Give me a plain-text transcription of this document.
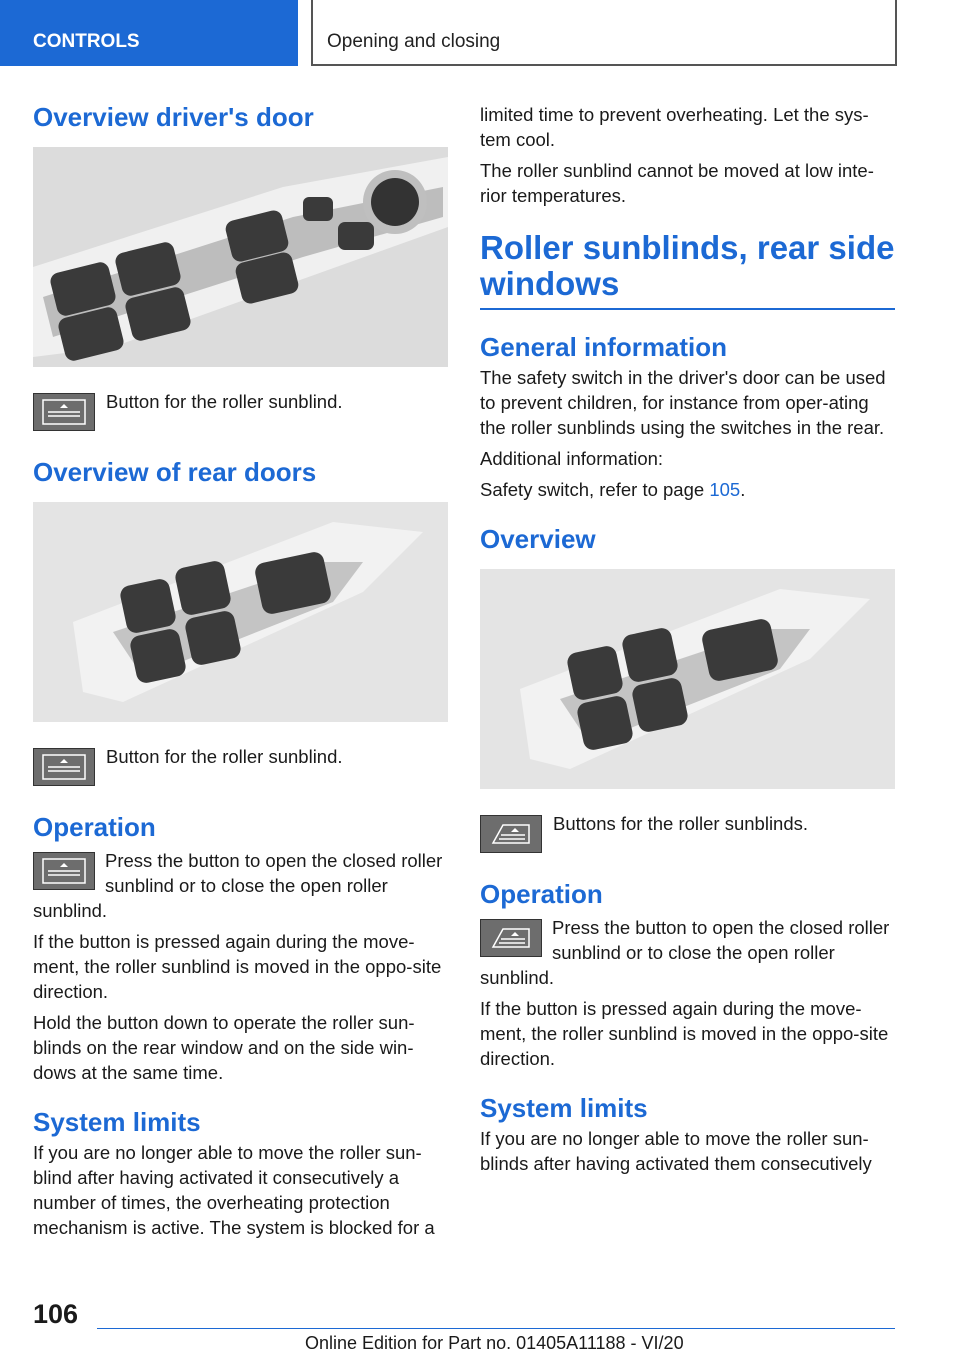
CONTROLS	Opening and closing
Overview driver's door

Button for the roller sunblind.

Overview of rear doors

Button for the roller sunblind.

Operation

Press the button to open the closed roller sunblind or to close the open roller sunblind.

If the button is pressed again during the move-ment, the roller sunblind is moved in the oppo-site direction.

Hold the button down to operate the roller sun-blinds on the rear window and on the side win-dows at the same time.

System limits

If you are no longer able to move the roller sun-blind after having activated it consecutively a number of times, the overheating protection mechanism is active. The system is blocked for a

limited time to prevent overheating. Let the sys-tem cool.

The roller sunblind cannot be moved at low inte-rior temperatures.

Roller sunblinds, rear side windows
General information

The safety switch in the driver's door can be used to prevent children, for instance from oper-ating the roller sunblinds using the switches in the rear.

Additional information:

Safety switch, refer to page 105.

Overview

Buttons for the roller sunblinds.

Operation

Press the button to open the closed roller sunblind or to close the open roller sunblind.

If the button is pressed again during the move-ment, the roller sunblind is moved in the oppo-site direction.

System limits

If you are no longer able to move the roller sun-blinds after having activated them consecutively

106
Online Edition for Part no. 01405A11188 - VI/20
